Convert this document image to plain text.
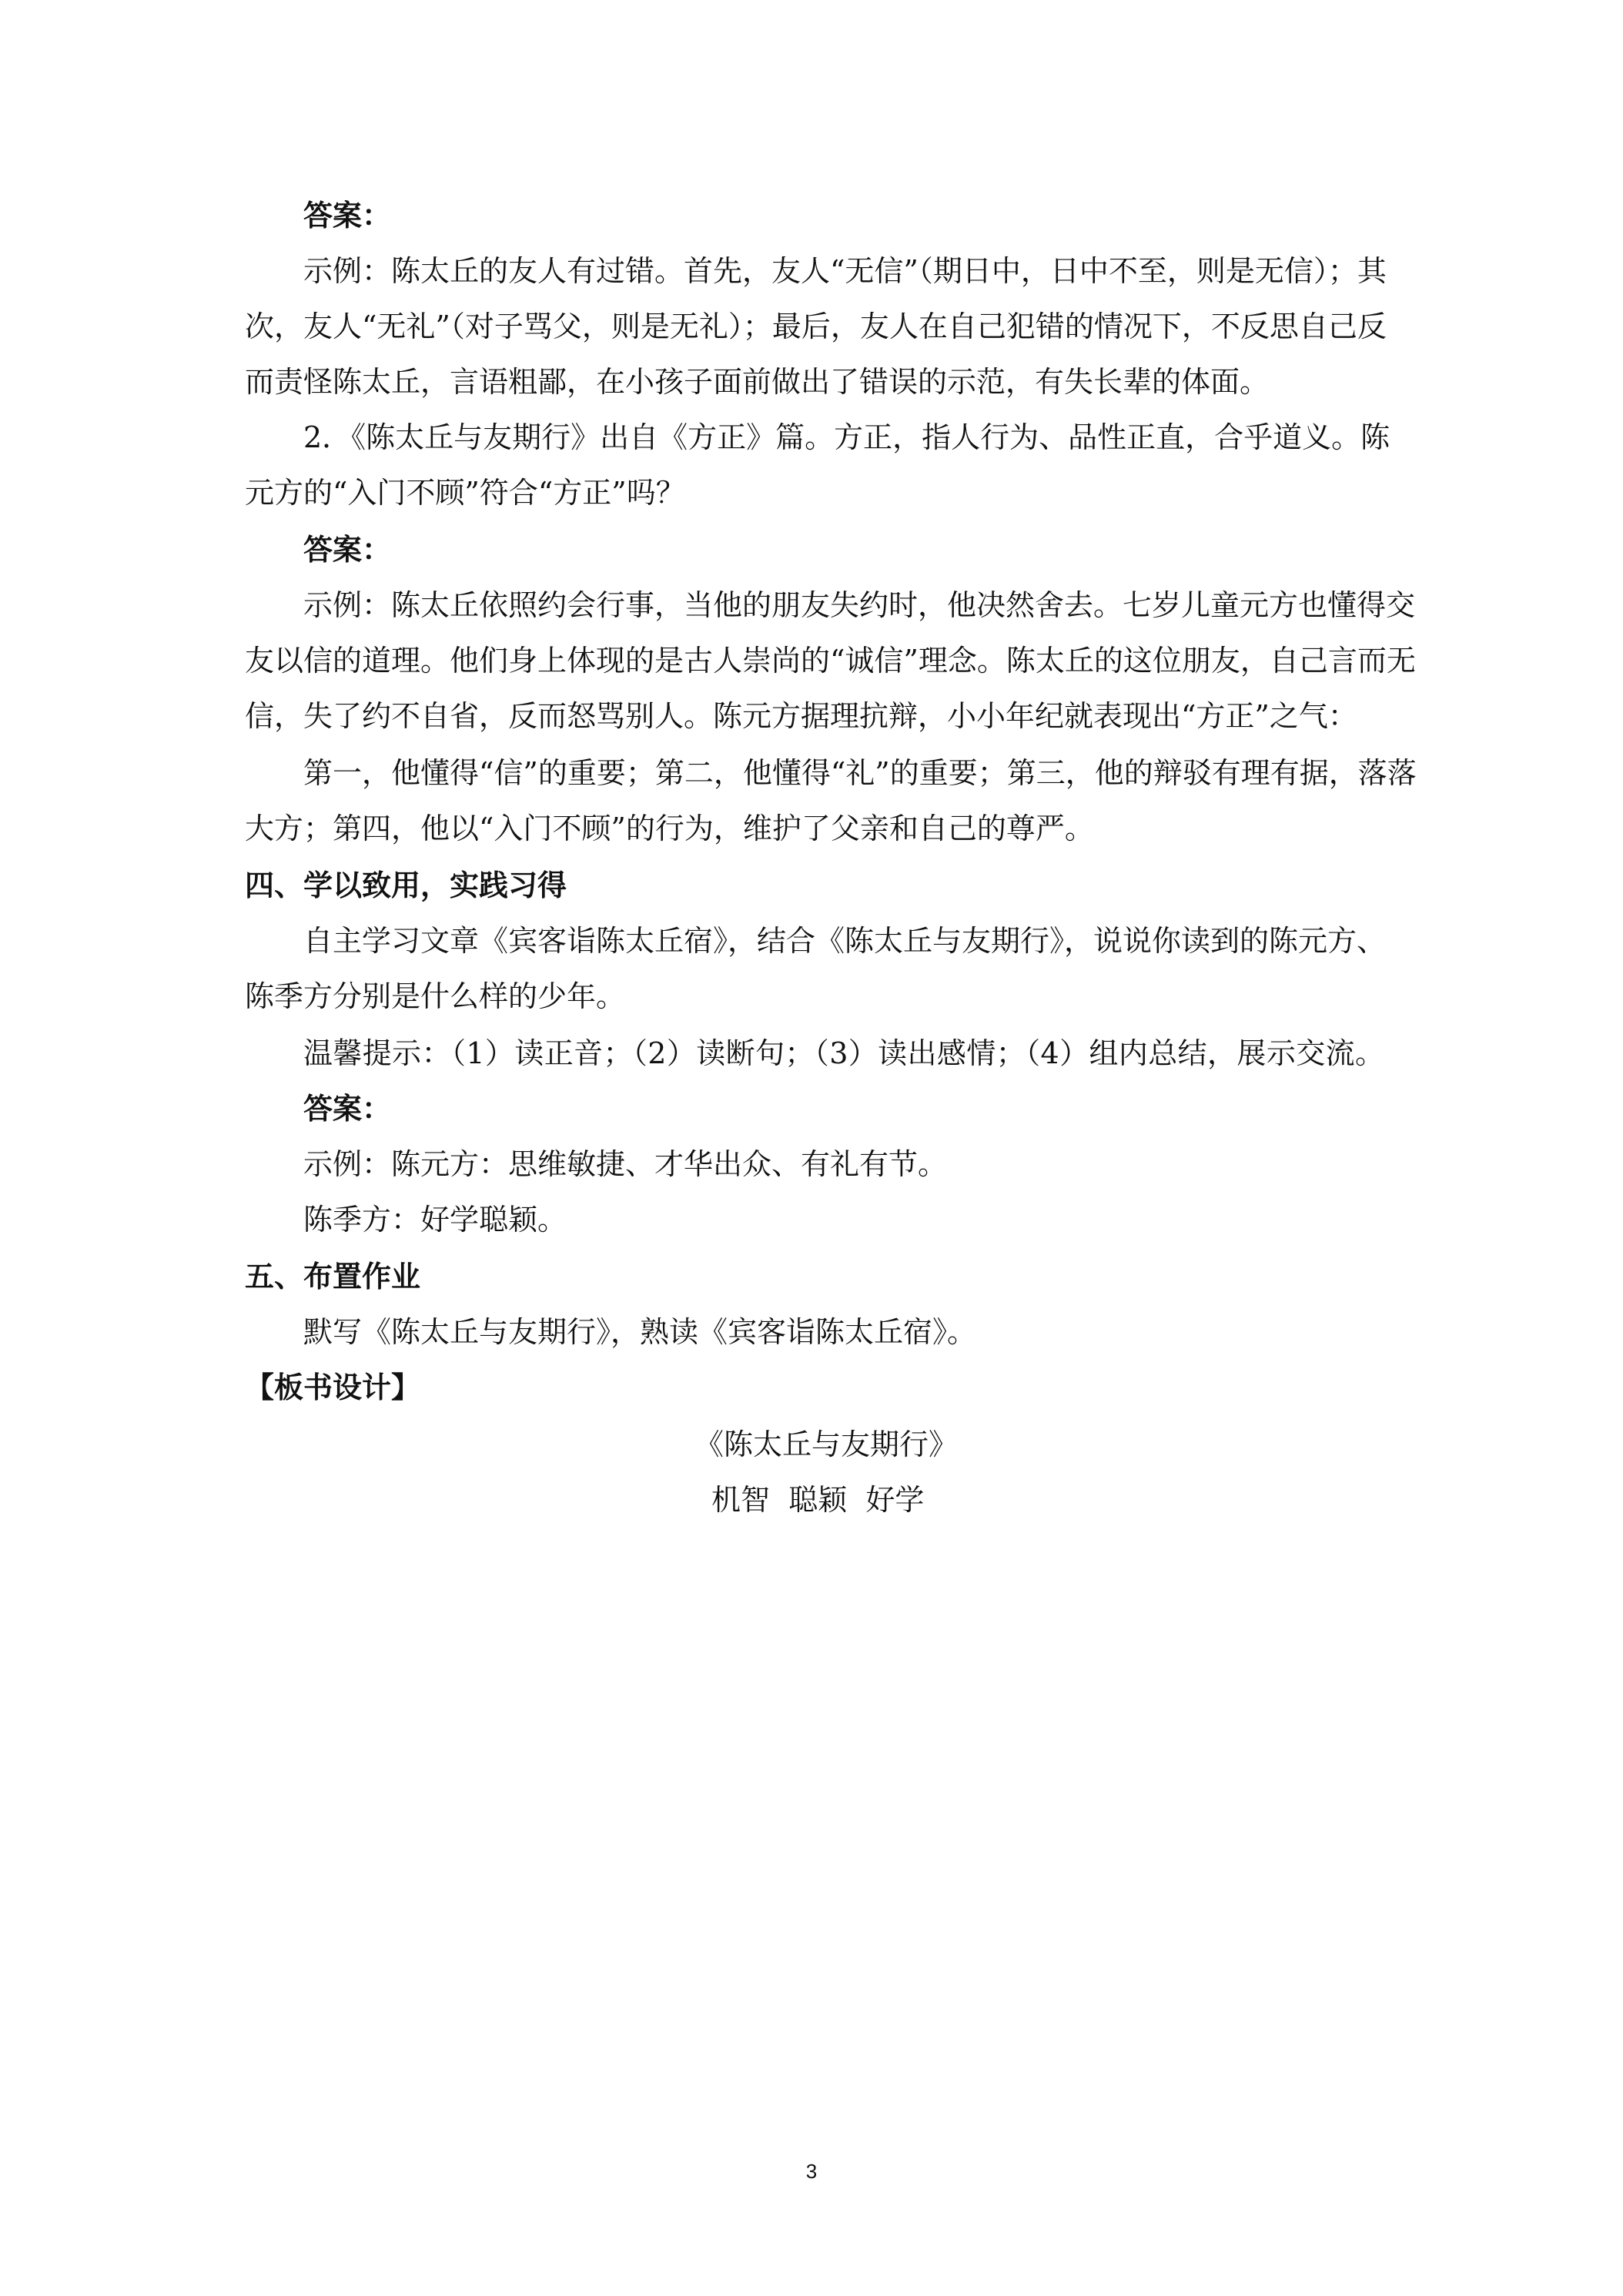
答案：
示例：陈太丘的友人有过错。首先，友人“无信”（期日中，日中不至，则是无信）；其
次，友人“无礼”（对子骂父，则是无礼）；最后，友人在自己犯错的情况下，不反思自己反
而责怪陈太丘，言语粗鄙，在小孩子面前做出了错误的示范，有失长辈的体面。
2．《陈太丘与友期行》出自《方正》篇。方正，指人行为、品性正直，合乎道义。陈
元方的“入门不顾”符合“方正”吗？
答案：
示例：陈太丘依照约会行事，当他的朋友失约时，他决然舍去。七岁儿童元方也懂得交
友以信的道理。他们身上体现的是古人崇尚的“诚信”理念。陈太丘的这位朋友，自己言而无
信，失了约不自省，反而怒骂别人。陈元方据理抗辩，小小年纪就表现出“方正”之气：
第一，他懂得“信”的重要；第二，他懂得“礼”的重要；第三，他的辩驳有理有据，落落
大方；第四，他以“入门不顾”的行为，维护了父亲和自己的尊严。
四、学以致用，实践习得
自主学习文章《宾客诣陈太丘宿》，结合《陈太丘与友期行》，说说你读到的陈元方、
陈季方分别是什么样的少年。
温馨提示：（1）读正音；（2）读断句；（3）读出感情；（4）组内总结，展示交流。
答案：
示例：陈元方：思维敏捷、才华出众、有礼有节。
陈季方：好学聪颖。
五、布置作业
默写《陈太丘与友期行》，熟读《宾客诣陈太丘宿》。
【板书设计】
《陈太丘与友期行》
机智  聪颖  好学
3
